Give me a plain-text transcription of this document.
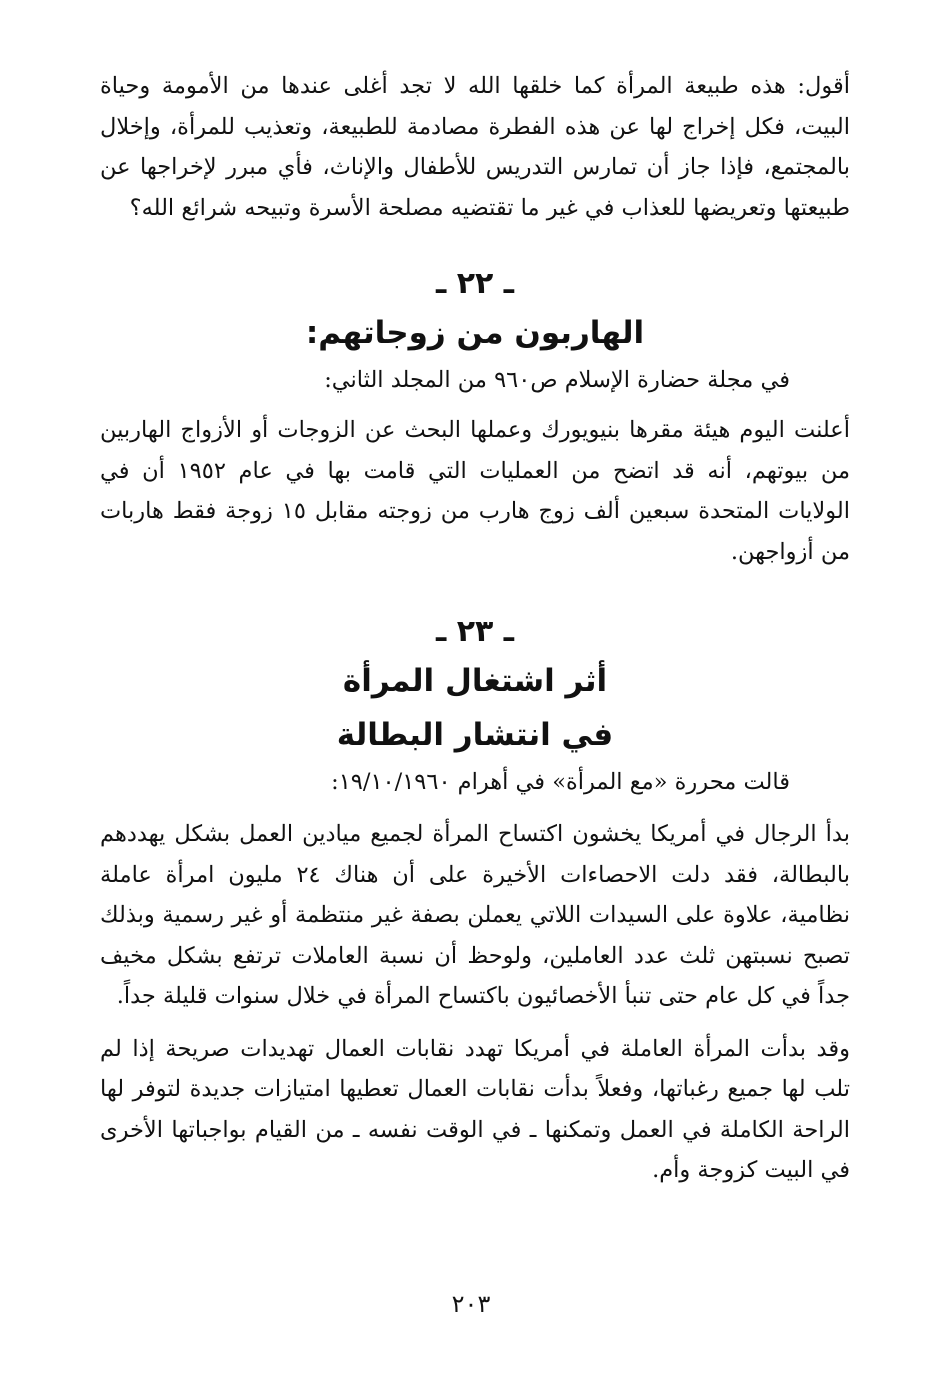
أقول: هذه طبيعة المرأة كما خلقها الله لا تجد أغلى عندها من الأمومة وحياة البيت، فكل إخراج لها عن هذه الفطرة مصادمة للطبيعة، وتعذيب للمرأة، وإخلال بالمجتمع، فإذا جاز أن تمارس التدريس للأطفال والإناث، فأي مبرر لإخراجها عن طبيعتها وتعريضها للعذاب في غير ما تقتضيه مصلحة الأسرة وتبيحه شرائع الله؟

ـ ٢٢ ـ

الهاربون من زوجاتهم:

في مجلة حضارة الإسلام ص٩٦٠ من المجلد الثاني:

أعلنت اليوم هيئة مقرها بنيويورك وعملها البحث عن الزوجات أو الأزواج الهاربين من بيوتهم، أنه قد اتضح من العمليات التي قامت بها في عام ١٩٥٢ أن في الولايات المتحدة سبعين ألف زوج هارب من زوجته مقابل ١٥ زوجة فقط هاربات من أزواجهن.

ـ ٢٣ ـ

أثر اشتغال المرأة

في انتشار البطالة

قالت محررة «مع المرأة» في أهرام ١٩/١٠/١٩٦٠:

بدأ الرجال في أمريكا يخشون اكتساح المرأة لجميع ميادين العمل بشكل يهددهم بالبطالة، فقد دلت الاحصاءات الأخيرة على أن هناك ٢٤ مليون امرأة عاملة نظامية، علاوة على السيدات اللاتي يعملن بصفة غير منتظمة أو غير رسمية وبذلك تصبح نسبتهن ثلث عدد العاملين، ولوحظ أن نسبة العاملات ترتفع بشكل مخيف جداً في كل عام حتى تنبأ الأخصائيون باكتساح المرأة في خلال سنوات قليلة جداً.

وقد بدأت المرأة العاملة في أمريكا تهدد نقابات العمال تهديدات صريحة إذا لم تلب لها جميع رغباتها، وفعلاً بدأت نقابات العمال تعطيها امتيازات جديدة لتوفر لها الراحة الكاملة في العمل وتمكنها ـ في الوقت نفسه ـ من القيام بواجباتها الأخرى في البيت كزوجة وأم.

٢٠٣
